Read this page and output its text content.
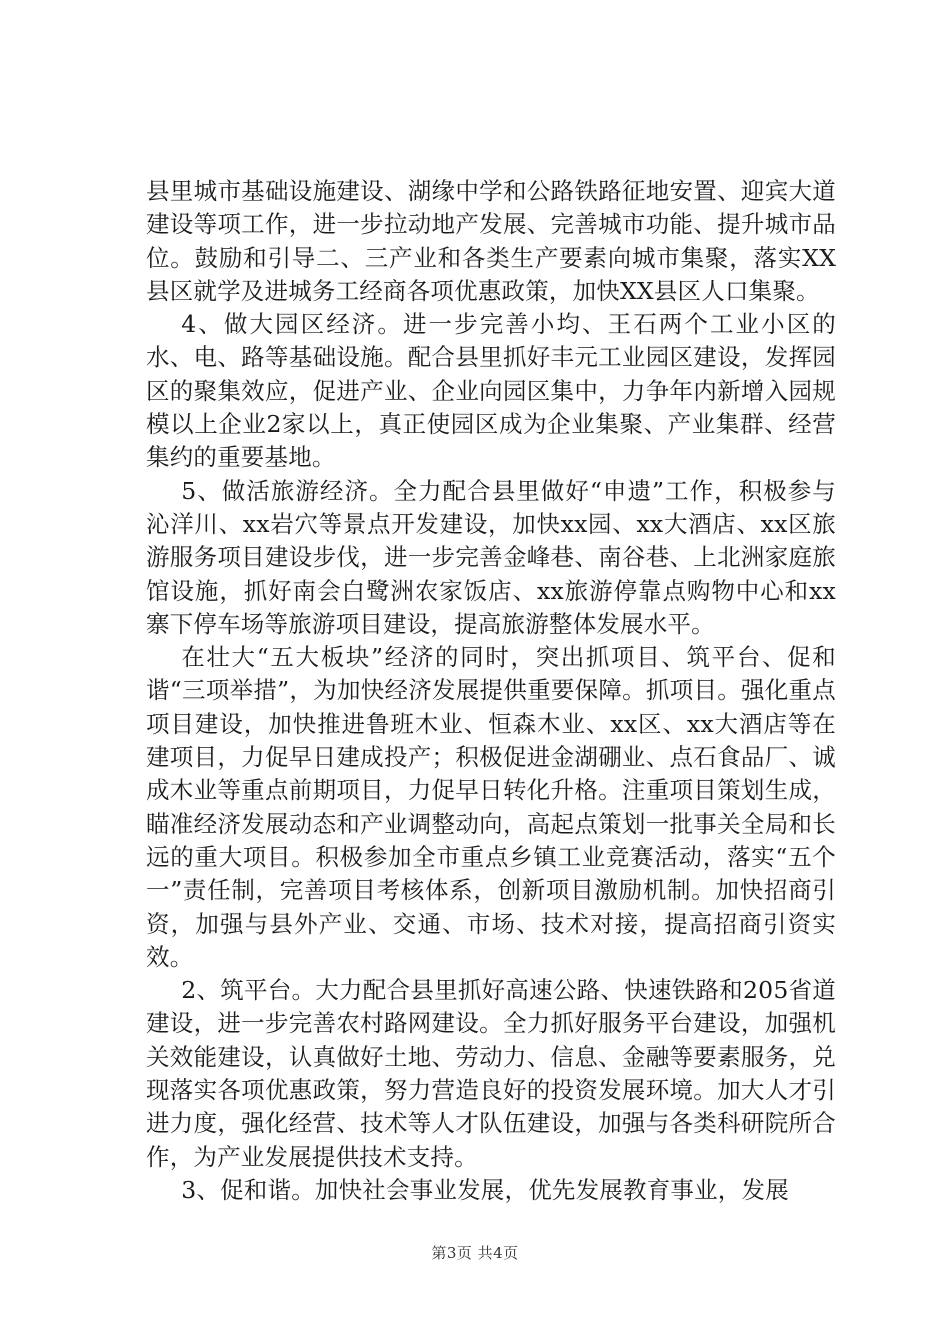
县里城市基础设施建设、湖缘中学和公路铁路征地安置、迎宾大道建设等项工作，进一步拉动地产发展、完善城市功能、提升城市品位。鼓励和引导二、三产业和各类生产要素向城市集聚，落实XX县区就学及进城务工经商各项优惠政策，加快XX县区人口集聚。

4、做大园区经济。进一步完善小均、王石两个工业小区的水、电、路等基础设施。配合县里抓好丰元工业园区建设，发挥园区的聚集效应，促进产业、企业向园区集中，力争年内新增入园规模以上企业2家以上，真正使园区成为企业集聚、产业集群、经营集约的重要基地。

5、做活旅游经济。全力配合县里做好“申遗”工作，积极参与沁洋川、xx岩穴等景点开发建设，加快xx园、xx大酒店、xx区旅游服务项目建设步伐，进一步完善金峰巷、南谷巷、上北洲家庭旅馆设施，抓好南会白鹭洲农家饭店、xx旅游停靠点购物中心和xx寨下停车场等旅游项目建设，提高旅游整体发展水平。

在壮大“五大板块”经济的同时，突出抓项目、筑平台、促和谐“三项举措”，为加快经济发展提供重要保障。抓项目。强化重点项目建设，加快推进鲁班木业、恒森木业、xx区、xx大酒店等在建项目，力促早日建成投产；积极促进金湖硼业、点石食品厂、诚成木业等重点前期项目，力促早日转化升格。注重项目策划生成，瞄准经济发展动态和产业调整动向，高起点策划一批事关全局和长远的重大项目。积极参加全市重点乡镇工业竞赛活动，落实“五个一”责任制，完善项目考核体系，创新项目激励机制。加快招商引资，加强与县外产业、交通、市场、技术对接，提高招商引资实效。

2、筑平台。大力配合县里抓好高速公路、快速铁路和205省道建设，进一步完善农村路网建设。全力抓好服务平台建设，加强机关效能建设，认真做好土地、劳动力、信息、金融等要素服务，兑现落实各项优惠政策，努力营造良好的投资发展环境。加大人才引进力度，强化经营、技术等人才队伍建设，加强与各类科研院所合作，为产业发展提供技术支持。

3、促和谐。加快社会事业发展，优先发展教育事业，发展

第3页 共4页
